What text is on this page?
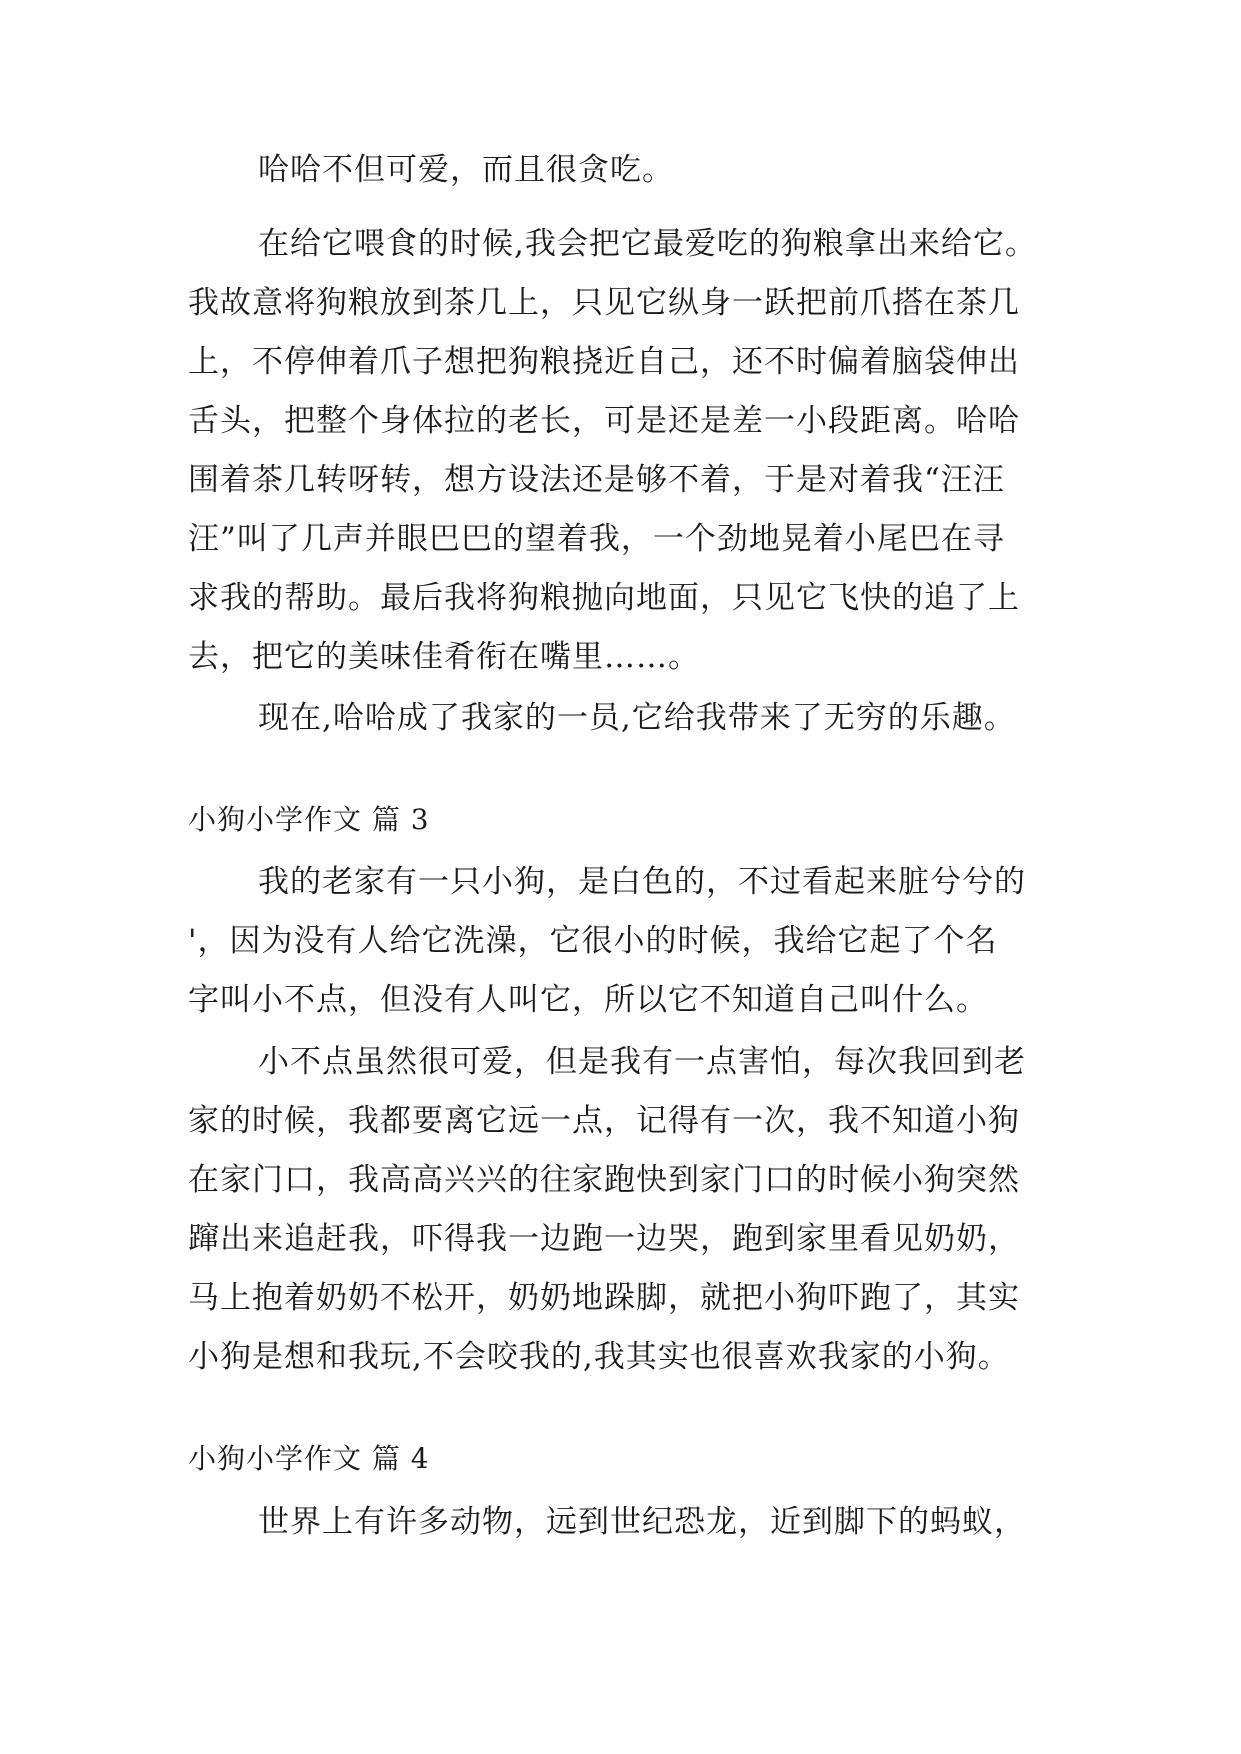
哈哈不但可爱，而且很贪吃。
在给它喂食的时候,我会把它最爱吃的狗粮拿出来给它。
我故意将狗粮放到茶几上，只见它纵身一跃把前爪搭在茶几
上，不停伸着爪子想把狗粮挠近自己，还不时偏着脑袋伸出
舌头，把整个身体拉的老长，可是还是差一小段距离。哈哈
围着茶几转呀转，想方设法还是够不着，于是对着我“汪汪
汪”叫了几声并眼巴巴的望着我，一个劲地晃着小尾巴在寻
求我的帮助。最后我将狗粮抛向地面，只见它飞快的追了上
去，把它的美味佳肴衔在嘴里……。
现在,哈哈成了我家的一员,它给我带来了无穷的乐趣。
小狗小学作文 篇 3
我的老家有一只小狗，是白色的，不过看起来脏兮兮的
'，因为没有人给它洗澡，它很小的时候，我给它起了个名
字叫小不点，但没有人叫它，所以它不知道自己叫什么。
小不点虽然很可爱，但是我有一点害怕，每次我回到老
家的时候，我都要离它远一点，记得有一次，我不知道小狗
在家门口，我高高兴兴的往家跑快到家门口的时候小狗突然
蹿出来追赶我，吓得我一边跑一边哭，跑到家里看见奶奶，
马上抱着奶奶不松开，奶奶地跺脚，就把小狗吓跑了，其实
小狗是想和我玩,不会咬我的,我其实也很喜欢我家的小狗。
小狗小学作文 篇 4
世界上有许多动物，远到世纪恐龙，近到脚下的蚂蚁，
